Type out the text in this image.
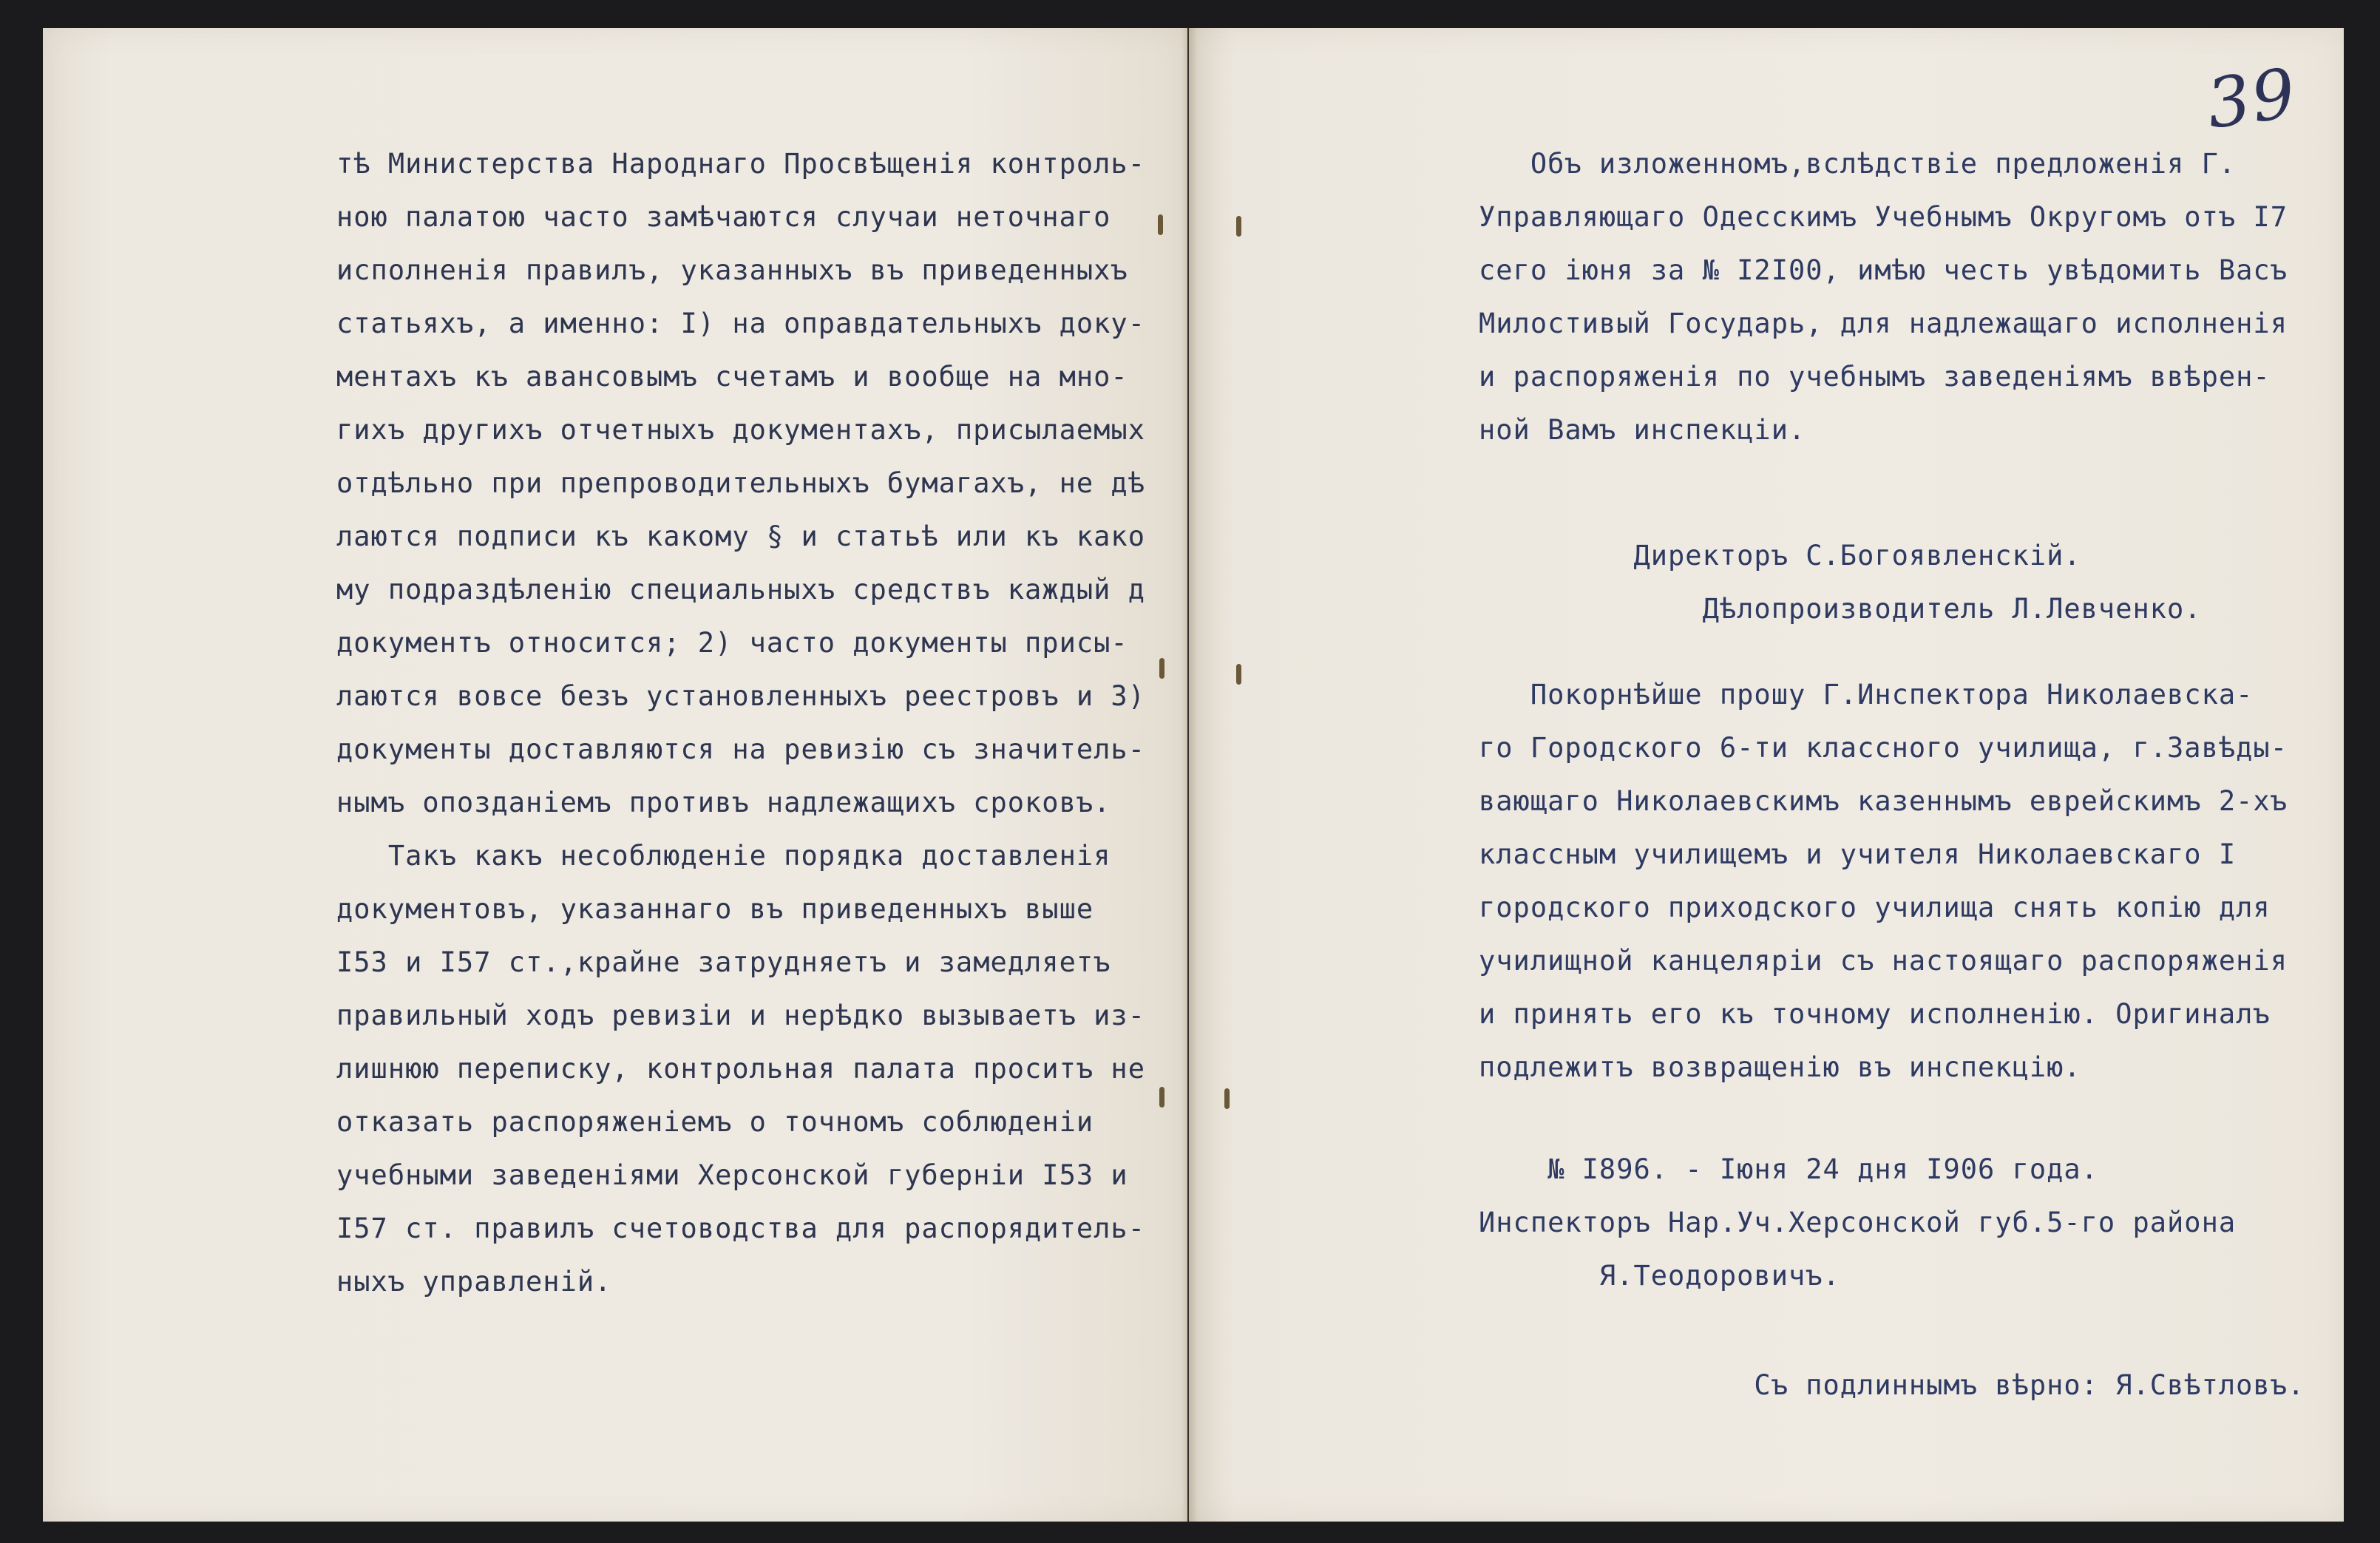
39
тѣ Министерства Народнаго Просвѣщенія контроль-
ною палатою часто замѣчаются случаи неточнаго
исполненія правилъ, указанныхъ въ приведенныхъ
статьяхъ, а именно: I) на оправдательныхъ доку-
ментахъ къ авансовымъ счетамъ и вообще на мно-
гихъ другихъ отчетныхъ документахъ, присылаемых
отдѣльно при препроводительныхъ бумагахъ, не дѣ
лаются подписи къ какому § и статьѣ или къ како
му подраздѣленію специальныхъ средствъ каждый д
документъ относится; 2) часто документы присы-
лаются вовсе безъ установленныхъ реестровъ и 3)
документы доставляются на ревизію съ значитель-
нымъ опозданіемъ противъ надлежащихъ сроковъ.
Такъ какъ несоблюденіе порядка доставленія
документовъ, указаннаго въ приведенныхъ выше
I53 и I57 ст.,крайне затрудняетъ и замедляетъ
правильный ходъ ревизіи и нерѣдко вызываетъ из-
лишнюю переписку, контрольная палата проситъ не
отказать распоряженіемъ о точномъ соблюденіи
учебными заведеніями Херсонской губерніи I53 и
I57 ст. правилъ счетоводства для распорядитель-
ныхъ управленій.
Объ изложенномъ,вслѣдствіе предложенія Г.
Управляющаго Одесскимъ Учебнымъ Округомъ отъ I7
сего іюня за № I2I00, имѣю честь увѣдомить Васъ
Милостивый Государь, для надлежащаго исполненія
и распоряженія по учебнымъ заведеніямъ ввѣрен-
ной Вамъ инспекціи.
Директоръ С.Богоявленскій.
Дѣлопроизводитель Л.Левченко.
Покорнѣйше прошу Г.Инспектора Николаевска-
го Городского 6-ти классного училища, г.Завѣды-
вающаго Николаевскимъ казеннымъ еврейскимъ 2-хъ
классным училищемъ и учителя Николаевскаго I
городского приходского училища снять копію для
училищной канцеляріи съ настоящаго распоряженія
и принять его къ точному исполненію. Оригиналъ
подлежитъ возвращенію въ инспекцію.
№ I896. - Іюня 24 дня I906 года.
Инспекторъ Нар.Уч.Херсонской губ.5-го района
Я.Теодоровичъ.
Съ подлиннымъ вѣрно: Я.Свѣтловъ.
